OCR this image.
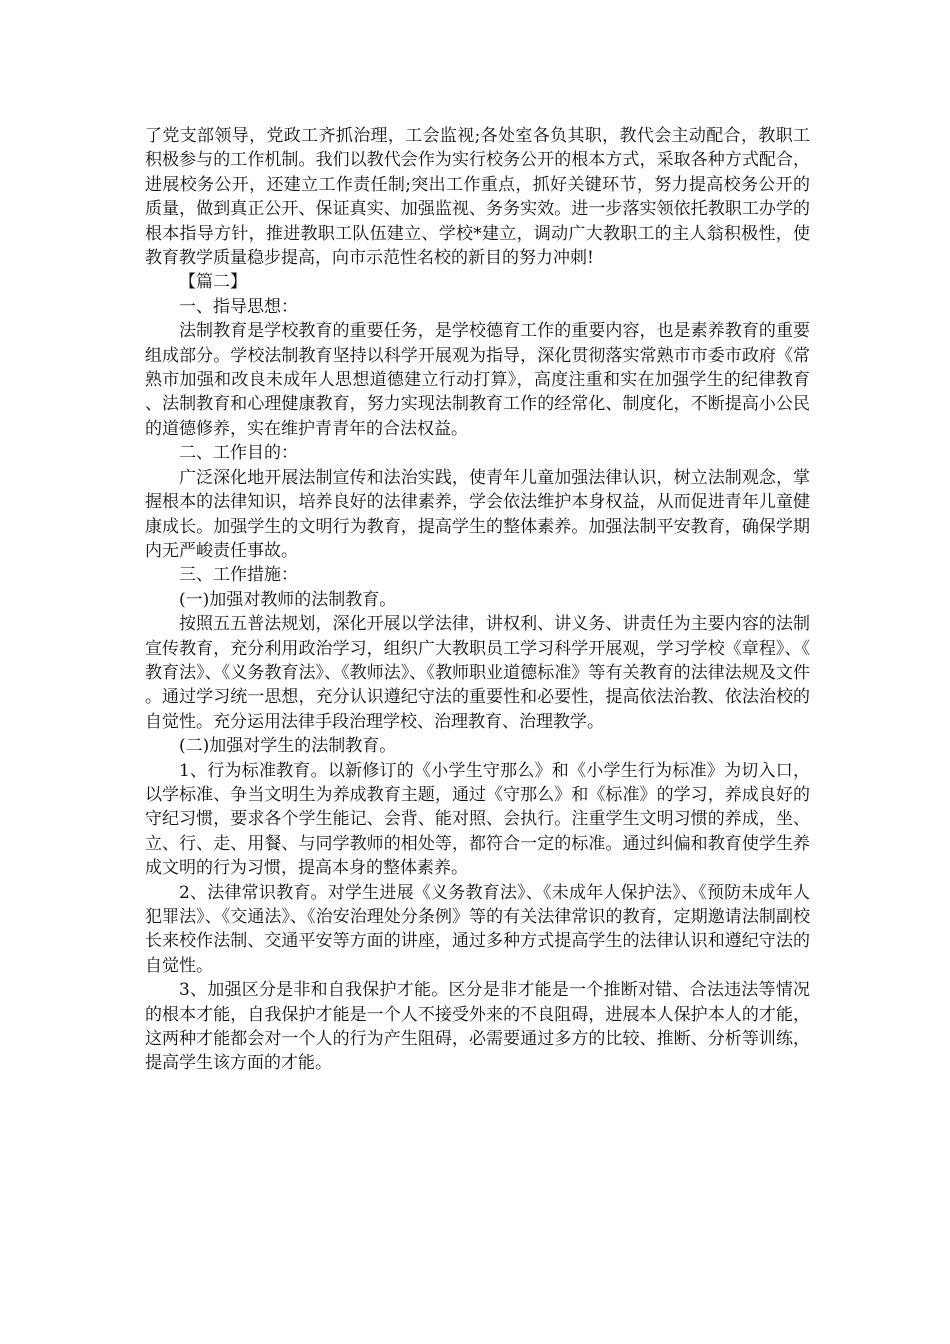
了党支部领导，党政工齐抓治理，工会监视;各处室各负其职，教代会主动配合，教职工积极参与的工作机制。我们以教代会作为实行校务公开的根本方式，采取各种方式配合，进展校务公开，还建立工作责任制;突出工作重点，抓好关键环节，努力提高校务公开的质量，做到真正公开、保证真实、加强监视、务务实效。进一步落实领依托教职工办学的根本指导方针，推进教职工队伍建立、学校*建立，调动广大教职工的主人翁积极性，使教育教学质量稳步提高，向市示范性名校的新目的努力冲刺!

【篇二】

一、指导思想：

法制教育是学校教育的重要任务，是学校德育工作的重要内容，也是素养教育的重要组成部分。学校法制教育坚持以科学开展观为指导，深化贯彻落实常熟市市委市政府《常熟市加强和改良未成年人思想道德建立行动打算》，高度注重和实在加强学生的纪律教育、法制教育和心理健康教育，努力实现法制教育工作的经常化、制度化，不断提高小公民的道德修养，实在维护青青年的合法权益。

二、工作目的：

广泛深化地开展法制宣传和法治实践，使青年儿童加强法律认识，树立法制观念，掌握根本的法律知识，培养良好的法律素养，学会依法维护本身权益，从而促进青年儿童健康成长。加强学生的文明行为教育，提高学生的整体素养。加强法制平安教育，确保学期内无严峻责任事故。

三、工作措施：

(一)加强对教师的法制教育。

按照五五普法规划，深化开展以学法律，讲权利、讲义务、讲责任为主要内容的法制宣传教育，充分利用政治学习，组织广大教职员工学习科学开展观，学习学校《章程》、《教育法》、《义务教育法》、《教师法》、《教师职业道德标准》等有关教育的法律法规及文件。通过学习统一思想，充分认识遵纪守法的重要性和必要性，提高依法治教、依法治校的自觉性。充分运用法律手段治理学校、治理教育、治理教学。

(二)加强对学生的法制教育。

1、行为标准教育。以新修订的《小学生守那么》和《小学生行为标准》为切入口，以学标准、争当文明生为养成教育主题，通过《守那么》和《标准》的学习，养成良好的守纪习惯，要求各个学生能记、会背、能对照、会执行。注重学生文明习惯的养成，坐、立、行、走、用餐、与同学教师的相处等，都符合一定的标准。通过纠偏和教育使学生养成文明的行为习惯，提高本身的整体素养。

2、法律常识教育。对学生进展《义务教育法》、《未成年人保护法》、《预防未成年人犯罪法》、《交通法》、《治安治理处分条例》等的有关法律常识的教育，定期邀请法制副校长来校作法制、交通平安等方面的讲座，通过多种方式提高学生的法律认识和遵纪守法的自觉性。

3、加强区分是非和自我保护才能。区分是非才能是一个推断对错、合法违法等情况的根本才能，自我保护才能是一个人不接受外来的不良阻碍，进展本人保护本人的才能，这两种才能都会对一个人的行为产生阻碍，必需要通过多方的比较、推断、分析等训练，提高学生该方面的才能。
